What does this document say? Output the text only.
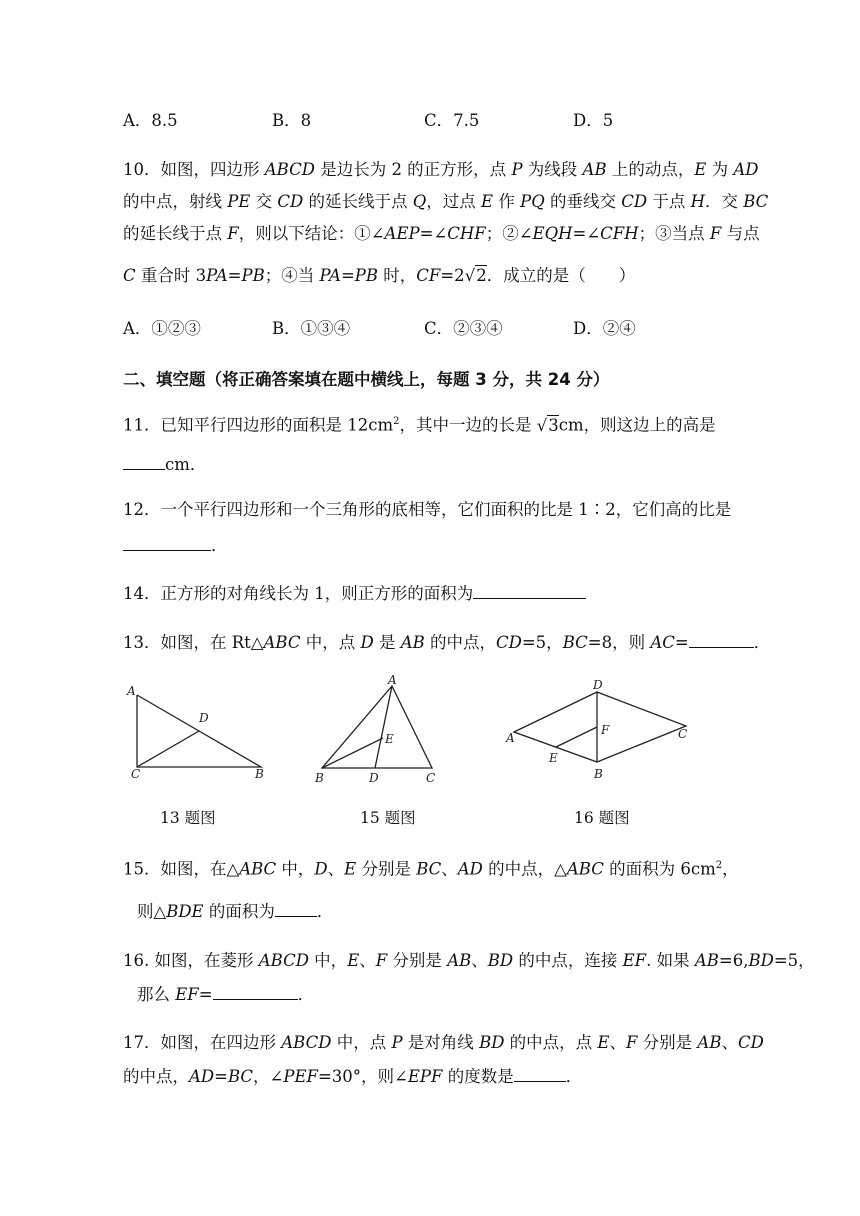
A．8.5	B．8	C．7.5	D．5
10．如图，四边形 ABCD 是边长为 2 的正方形，点 P 为线段 AB 上的动点，E 为 AD
的中点，射线 PE 交 CD 的延长线于点 Q，过点 E 作 PQ 的垂线交 CD 于点 H．交 BC
的延长线于点 F，则以下结论：①∠AEP=∠CHF；②∠EQH=∠CFH；③当点 F 与点
C 重合时 3PA=PB；④当 PA=PB 时，CF=2√2．成立的是（　　）
A．①②③	B．①③④	C．②③④	D．②④
二、填空题（将正确答案填在题中横线上，每题 3 分，共 24 分）
11．已知平行四边形的面积是 $12cm^2$，其中一边的长是 √3cm，则这边上的高是
cm．
12．一个平行四边形和一个三角形的底相等，它们面积的比是 1∶2，它们高的比是
．
14．正方形的对角线长为 1，则正方形的面积为
13．如图，在 Rt△ABC 中，点 D 是 AB 的中点，CD=5，BC=8，则 AC=	．
A
D
C	B
A
E
B	D	C
A
D
C
F
E
B
13 题图	15 题图	16 题图
15．如图，在△ABC 中，D、E 分别是 BC、AD 的中点，△ABC 的面积为 $6cm^2$，
则△BDE 的面积为	．
16. 如图，在菱形 ABCD 中，E、F 分别是 AB、BD 的中点，连接 EF. 如果 AB=6,BD=5，
那么 EF=	．
17．如图，在四边形 ABCD 中，点 P 是对角线 BD 的中点，点 E、F 分别是 AB、CD
的中点，AD=BC，∠PEF=30°，则∠EPF 的度数是	．
